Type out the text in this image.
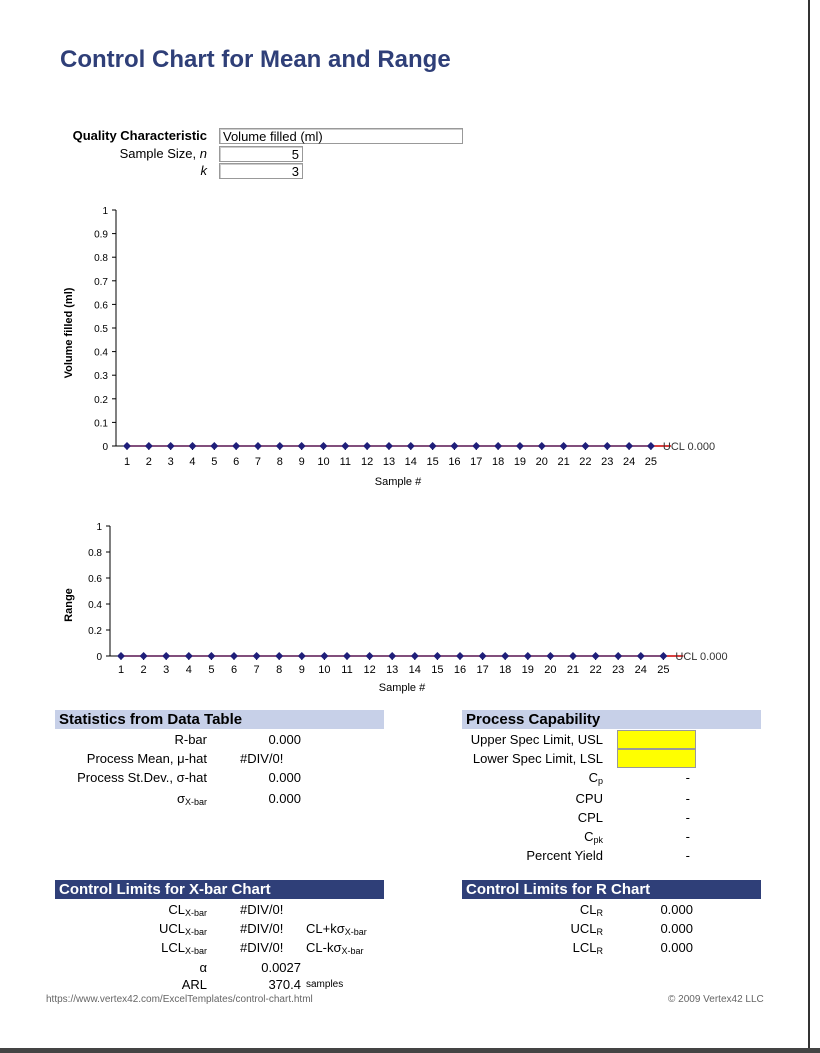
Control Chart for Mean and Range
Quality Characteristic	Volume filled (ml)
Sample Size, n	5
k	3
Volume filled (ml)
Sample #
0
0.1
0.2
0.3
0.4
0.5
0.6
0.7
0.8
0.9
1
1 2 3 4 5 6 7 8 9 10 11 12 13 14 15 16 17 18 19 20 21 22 23 24 25
UCL 0.000
Range
Sample #
0
0.2
0.4
0.6
0.8
1
1 2 3 4 5 6 7 8 9 10 11 12 13 14 15 16 17 18 19 20 21 22 23 24 25
UCL 0.000
Statistics from Data Table
R-bar	0.000
Process Mean, μ-hat	#DIV/0!
Process St.Dev., σ-hat	0.000
$\sigma_{X-bar}$	0.000
Process Capability
Upper Spec Limit, USL
Lower Spec Limit, LSL
$C_p$	-
CPU	-
CPL	-
$C_{pk}$	-
Percent Yield	-
Control Limits for X-bar Chart
$CL_{X-bar}$	#DIV/0!
$UCL_{X-bar}$	#DIV/0! $CL+k\sigma_{X-bar}$
$LCL_{X-bar}$	#DIV/0! $CL-k\sigma_{X-bar}$
α	0.0027
ARL	370.4 samples
Control Limits for R Chart
$CL_R$	0.000
$UCL_R$	0.000
$LCL_R$	0.000
https://www.vertex42.com/ExcelTemplates/control-chart.html	© 2009 Vertex42 LLC
